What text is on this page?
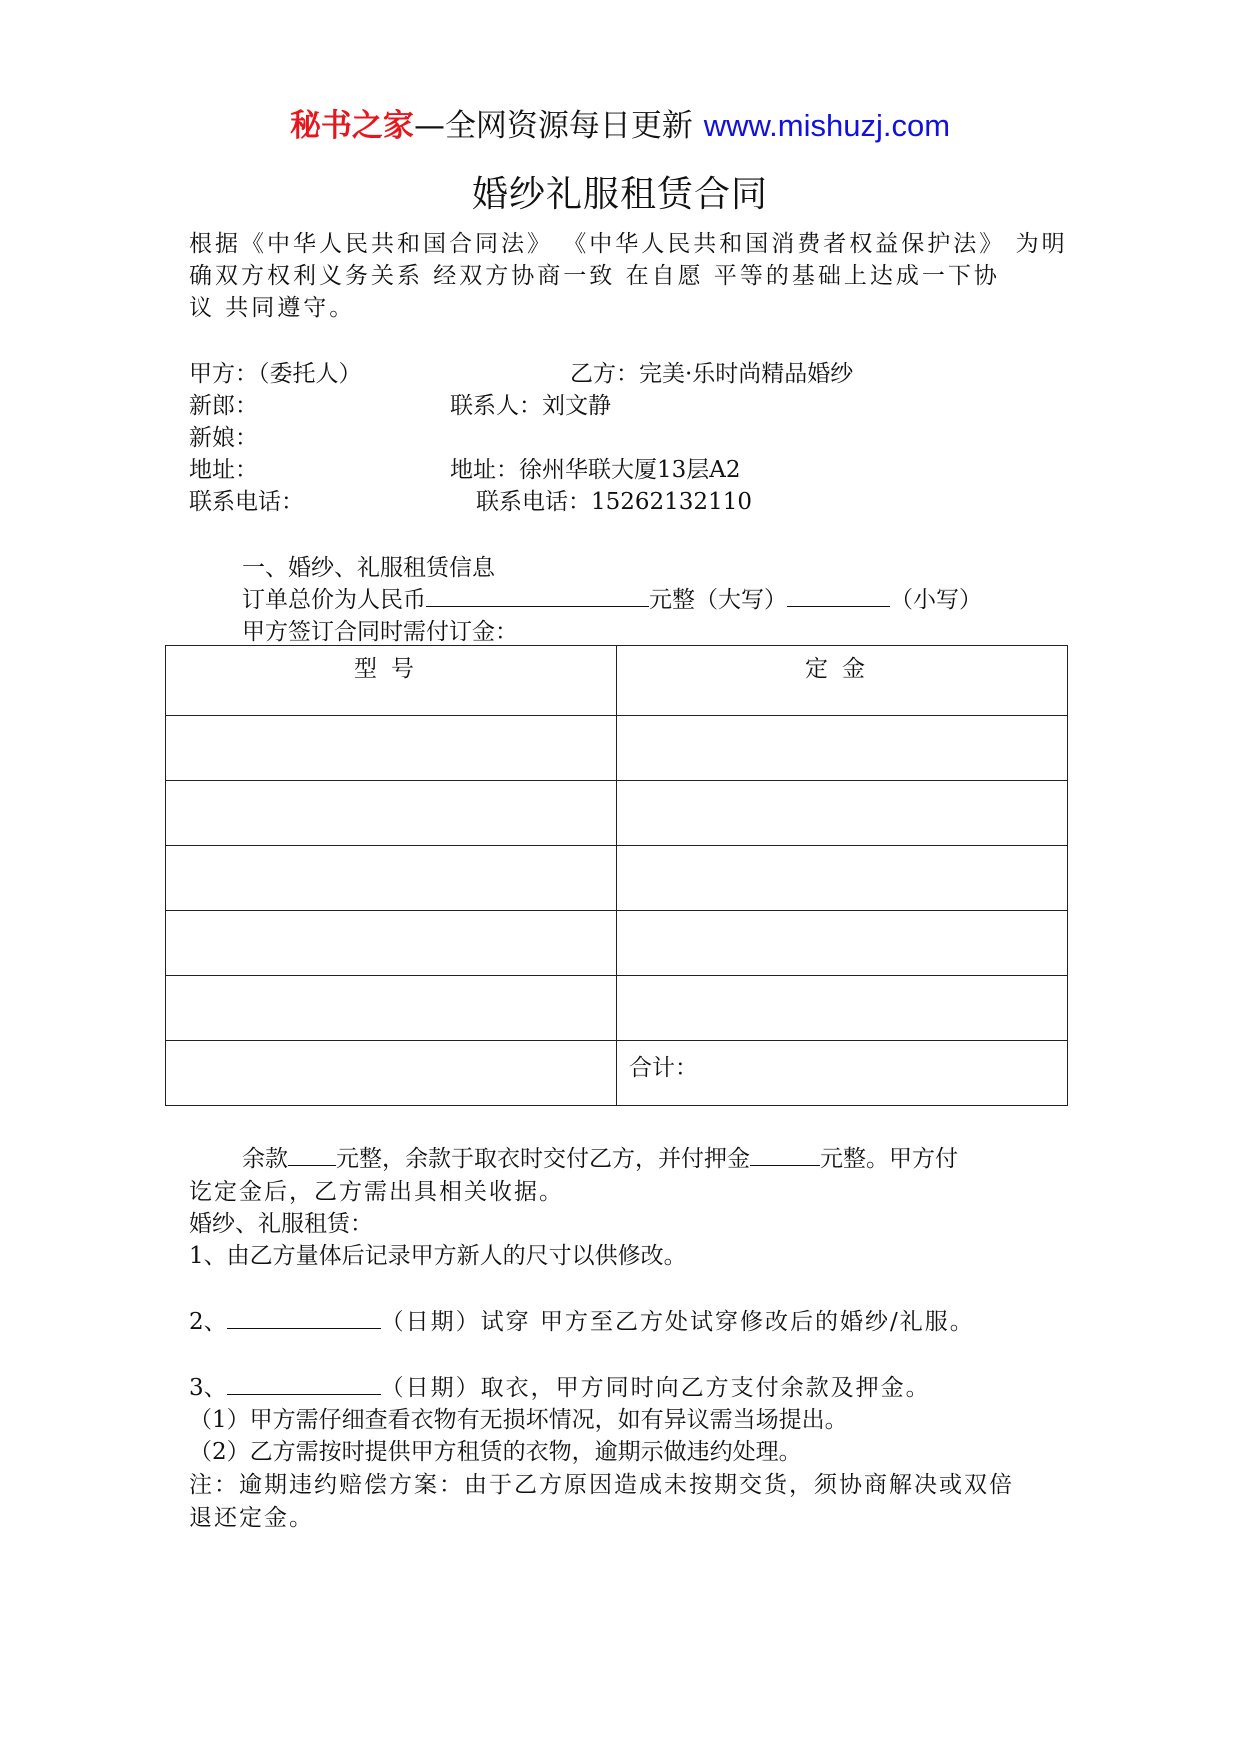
秘书之家—全网资源每日更新 www.mishuzj.com
婚纱礼服租赁合同
根据《中华人民共和国合同法》 《中华人民共和国消费者权益保护法》 为明
确双方权利义务关系 经双方协商一致 在自愿 平等的基础上达成一下协
议 共同遵守。
甲方：（委托人）	乙方：完美·乐时尚精品婚纱
新郎：	联系人：刘文静
新娘：
地址：	地址：徐州华联大厦13层A2
联系电话：	联系电话：15262132110
一、婚纱、礼服租赁信息
订单总价为人民币	元整（大写）	（小写）
甲方签订合同时需付订金：
型号	定金

	合计：
余款 元整，余款于取衣时交付乙方，并付押金	元整。甲方付
讫定金后，乙方需出具相关收据。
婚纱、礼服租赁：
1、由乙方量体后记录甲方新人的尺寸以供修改。
2、	（日期）试穿 甲方至乙方处试穿修改后的婚纱/礼服。
3、	（日期）取衣，甲方同时向乙方支付余款及押金。
（1）甲方需仔细查看衣物有无损坏情况，如有异议需当场提出。
（2）乙方需按时提供甲方租赁的衣物，逾期示做违约处理。
注：逾期违约赔偿方案：由于乙方原因造成未按期交货，须协商解决或双倍
退还定金。
